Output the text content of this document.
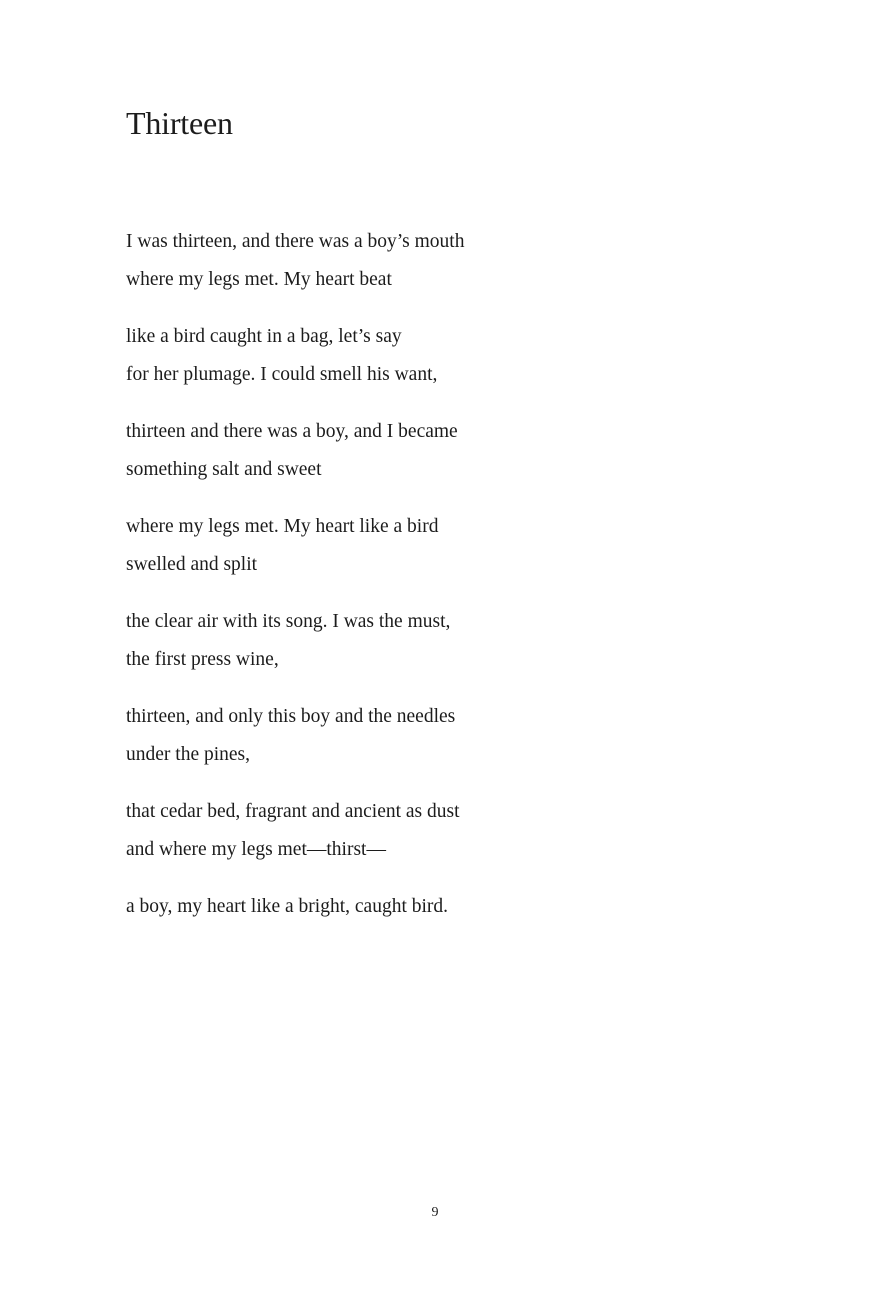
Thirteen
I was thirteen, and there was a boy’s mouth
where my legs met. My heart beat
like a bird caught in a bag, let’s say
for her plumage. I could smell his want,
thirteen and there was a boy, and I became
something salt and sweet
where my legs met. My heart like a bird
swelled and split
the clear air with its song. I was the must,
the first press wine,
thirteen, and only this boy and the needles
under the pines,
that cedar bed, fragrant and ancient as dust
and where my legs met—thirst—
a boy, my heart like a bright, caught bird.
9
